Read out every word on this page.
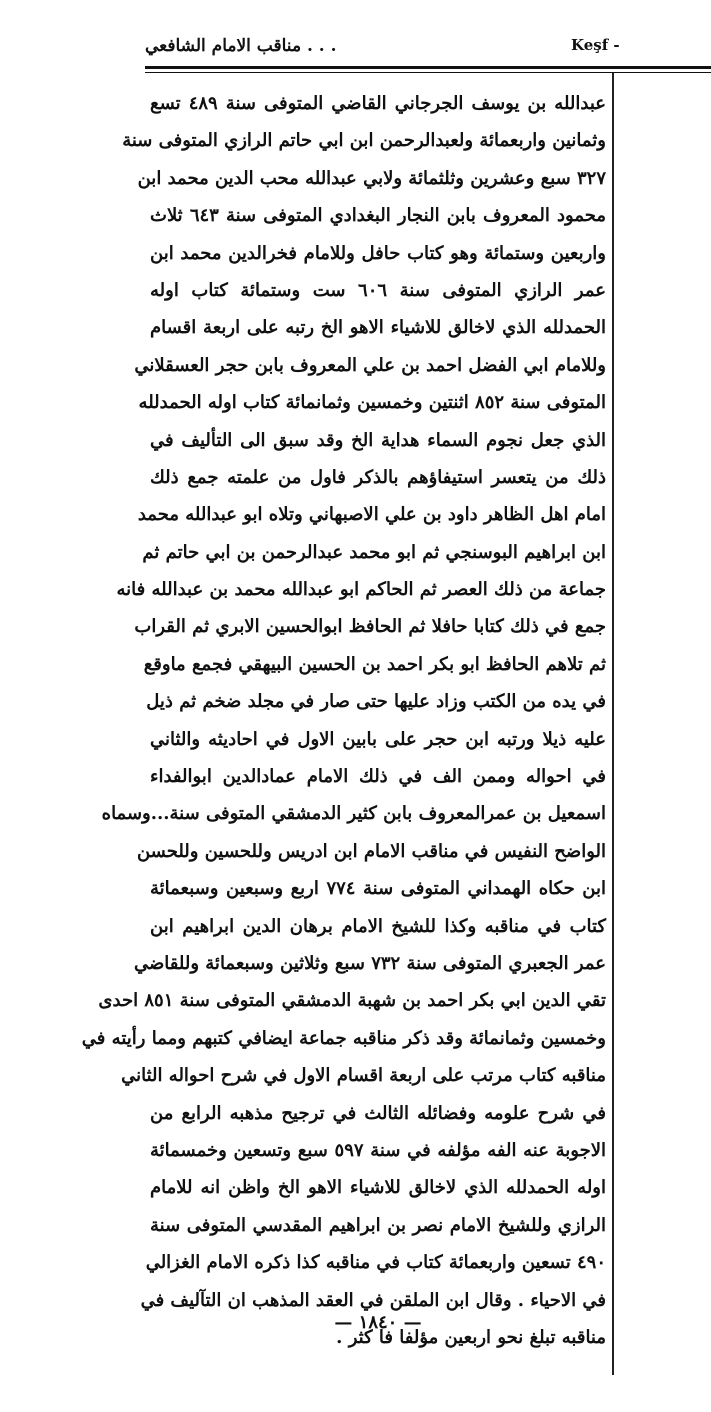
مناقب الامام الشافعي . . .	Keşf -
عبدالله بن يوسف الجرجاني القاضي المتوفى سنة ٤٨٩ تسع
وثمانين واربعمائة ولعبدالرحمن ابن ابي حاتم الرازي المتوفى سنة
٣٢٧ سبع وعشرين وثلثمائة ولابي عبدالله محب الدين محمد ابن
محمود المعروف بابن النجار البغدادي المتوفى سنة ٦٤٣ ثلاث
واربعين وستمائة وهو كتاب حافل وللامام فخرالدين محمد ابن
عمر الرازي المتوفى سنة ٦٠٦ ست وستمائة كتاب اوله
الحمدلله الذي لاخالق للاشياء الاهو الخ رتبه على اربعة اقسام
وللامام ابي الفضل احمد بن علي المعروف بابن حجر العسقلاني
المتوفى سنة ٨٥٢ اثنتين وخمسين وثمانمائة كتاب اوله الحمدلله
الذي جعل نجوم السماء هداية الخ وقد سبق الى التأليف في
ذلك من يتعسر استيفاؤهم بالذكر فاول من علمته جمع ذلك
امام اهل الظاهر داود بن علي الاصبهاني وتلاه ابو عبدالله محمد
ابن ابراهيم البوسنجي ثم ابو محمد عبدالرحمن بن ابي حاتم ثم
جماعة من ذلك العصر ثم الحاكم ابو عبدالله محمد بن عبدالله فانه
جمع في ذلك كتابا حافلا ثم الحافظ ابوالحسين الابري ثم القراب
ثم تلاهم الحافظ ابو بكر احمد بن الحسين البيهقي فجمع ماوقع
في يده من الكتب وزاد عليها حتى صار في مجلد ضخم ثم ذيل
عليه ذيلا ورتبه ابن حجر على بابين الاول في احاديثه والثاني
في احواله وممن الف في ذلك الامام عمادالدين ابوالفداء
اسمعيل بن عمرالمعروف بابن كثير الدمشقي المتوفى سنة...وسماه
الواضح النفيس في مناقب الامام ابن ادريس وللحسين وللحسن
ابن حكاه الهمداني المتوفى سنة ٧٧٤ اربع وسبعين وسبعمائة
كتاب في مناقبه وكذا للشيخ الامام برهان الدين ابراهيم ابن
عمر الجعبري المتوفى سنة ٧٣٢ سبع وثلاثين وسبعمائة وللقاضي
تقي الدين ابي بكر احمد بن شهبة الدمشقي المتوفى سنة ٨٥١ احدى
وخمسين وثمانمائة وقد ذكر مناقبه جماعة ايضافي كتبهم ومما رأيته في
مناقبه كتاب مرتب على اربعة اقسام الاول في شرح احواله الثاني
في شرح علومه وفضائله الثالث في ترجيح مذهبه الرابع من
الاجوبة عنه الفه مؤلفه في سنة ٥٩٧ سبع وتسعين وخمسمائة
اوله الحمدلله الذي لاخالق للاشياء الاهو الخ واظن انه للامام
الرازي وللشيخ الامام نصر بن ابراهيم المقدسي المتوفى سنة
٤٩٠ تسعين واربعمائة كتاب في مناقبه كذا ذكره الامام الغزالي
في الاحياء . وقال ابن الملقن في العقد المذهب ان التآليف في
مناقبه تبلغ نحو اربعين مؤلفا فا كثر .
— ١٨٤٠ —
